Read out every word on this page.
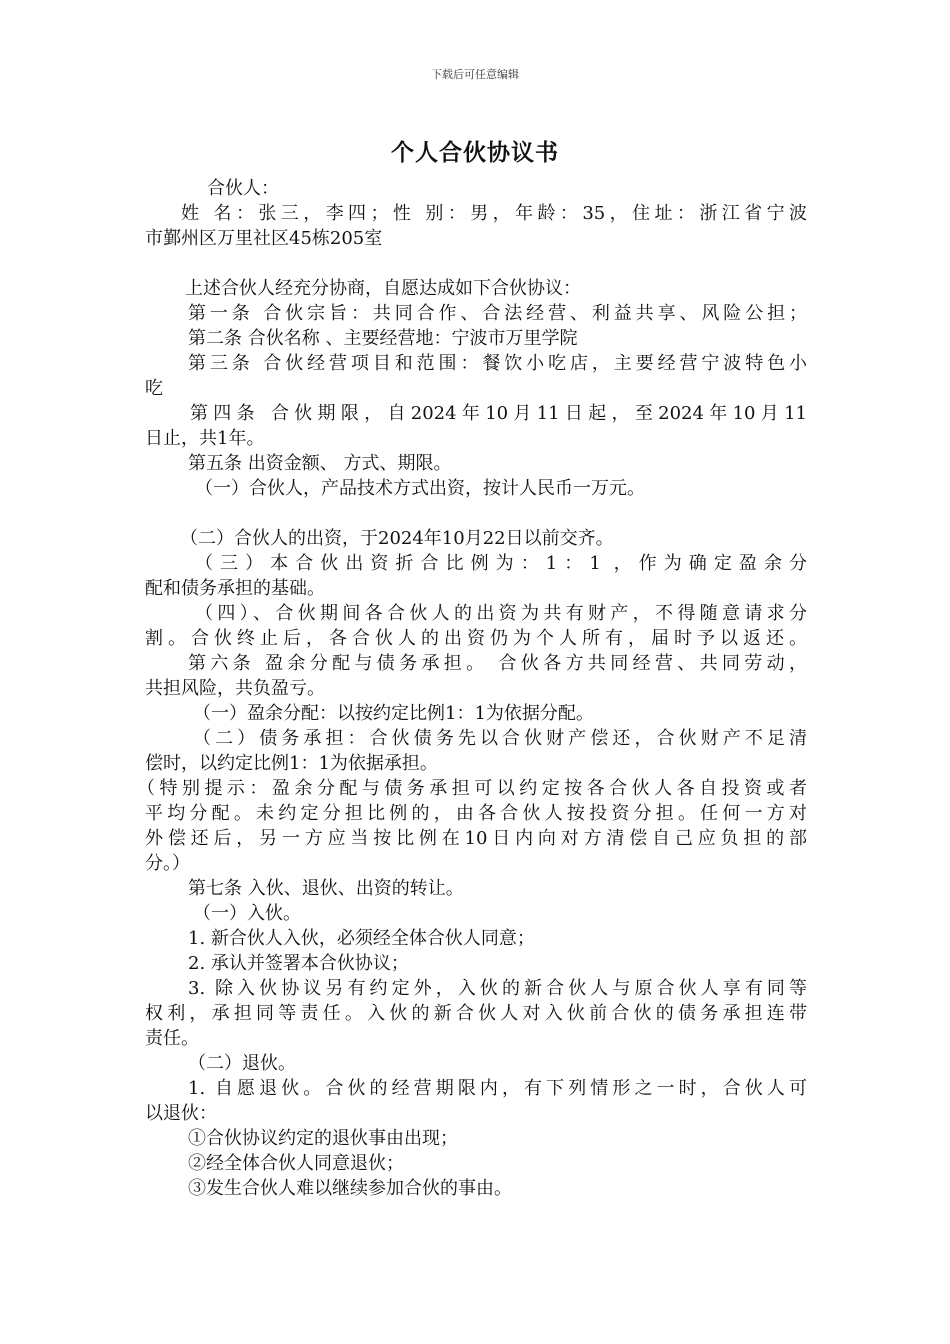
下载后可任意编辑
个人合伙协议书

合伙人：

姓 名：张三，李四；性 别：男，年龄：35，住址：浙江省宁波

市鄞州区万里社区45栋205室

上述合伙人经充分协商，自愿达成如下合伙协议：

第一条 合伙宗旨：共同合作、合法经营、利益共享、风险公担；

第二条 合伙名称 、主要经营地：宁波市万里学院

第三条 合伙经营项目和范围：餐饮小吃店，主要经营宁波特色小

吃

第四条 合伙期限，自2024年10月11日起，至2024年10月11

日止，共1年。

第五条 出资金额、 方式、期限。

（一）合伙人，产品技术方式出资，按计人民币一万元。

（二）合伙人的出资，于2024年10月22日以前交齐。

（三）本合伙出资折合比例为：1：1 ，作为确定盈余分

配和债务承担的基础。

（四）、合伙期间各合伙人的出资为共有财产，不得随意请求分

割。合伙终止后，各合伙人的出资仍为个人所有，届时予以返还。

第六条 盈余分配与债务承担。 合伙各方共同经营、共同劳动，

共担风险，共负盈亏。

（一）盈余分配：以按约定比例1：1为依据分配。

（二）债务承担：合伙债务先以合伙财产偿还，合伙财产不足清

偿时，以约定比例1：1为依据承担。

（特别提示：盈余分配与债务承担可以约定按各合伙人各自投资或者

平均分配。未约定分担比例的，由各合伙人按投资分担。任何一方对

外偿还后，另一方应当按比例在10日内向对方清偿自己应负担的部

分。）

第七条 入伙、退伙、出资的转让。

（一）入伙。

1. 新合伙人入伙，必须经全体合伙人同意；

2. 承认并签署本合伙协议；

3. 除入伙协议另有约定外，入伙的新合伙人与原合伙人享有同等

权利，承担同等责任。入伙的新合伙人对入伙前合伙的债务承担连带

责任。

（二）退伙。

1. 自愿退伙。合伙的经营期限内，有下列情形之一时，合伙人可

以退伙：

①合伙协议约定的退伙事由出现；

②经全体合伙人同意退伙；

③发生合伙人难以继续参加合伙的事由。
